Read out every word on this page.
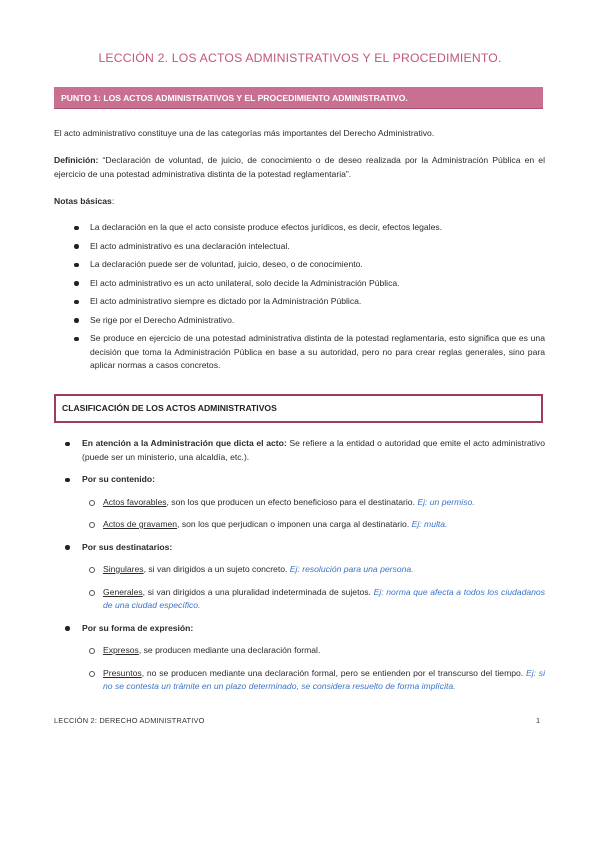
LECCIÓN 2. LOS ACTOS ADMINISTRATIVOS Y EL PROCEDIMIENTO.
PUNTO 1: LOS ACTOS ADMINISTRATIVOS Y EL PROCEDIMIENTO ADMINISTRATIVO.
El acto administrativo constituye una de las categorías más importantes del Derecho Administrativo.
Definición: “Declaración de voluntad, de juicio, de conocimiento o de deseo realizada por la Administración Pública en el ejercicio de una potestad administrativa distinta de la potestad reglamentaria”.
Notas básicas:
La declaración en la que el acto consiste produce efectos jurídicos, es decir, efectos legales.
El acto administrativo es una declaración intelectual.
La declaración puede ser de voluntad, juicio, deseo, o de conocimiento.
El acto administrativo es un acto unilateral, solo decide la Administración Pública.
El acto administrativo siempre es dictado por la Administración Pública.
Se rige por el Derecho Administrativo.
Se produce en ejercicio de una potestad administrativa distinta de la potestad reglamentaria, esto significa que es una decisión que toma la Administración Pública en base a su autoridad, pero no para crear reglas generales, sino para aplicar normas a casos concretos.
CLASIFICACIÓN DE LOS ACTOS ADMINISTRATIVOS
En atención a la Administración que dicta el acto: Se refiere a la entidad o autoridad que emite el acto administrativo (puede ser un ministerio, una alcaldía, etc.).
Por su contenido:
Actos favorables, son los que producen un efecto beneficioso para el destinatario. Ej: un permiso.
Actos de gravamen, son los que perjudican o imponen una carga al destinatario. Ej: multa.
Por sus destinatarios:
Singulares, si van dirigidos a un sujeto concreto. Ej: resolución para una persona.
Generales, si van dirigidos a una pluralidad indeterminada de sujetos. Ej: norma que afecta a todos los ciudadanos de una ciudad específico.
Por su forma de expresión:
Expresos, se producen mediante una declaración formal.
Presuntos, no se producen mediante una declaración formal, pero se entienden por el transcurso del tiempo. Ej: si no se contesta un trámite en un plazo determinado, se considera resuelto de forma implícita.
LECCIÓN 2: DERECHO ADMINISTRATIVO	1
